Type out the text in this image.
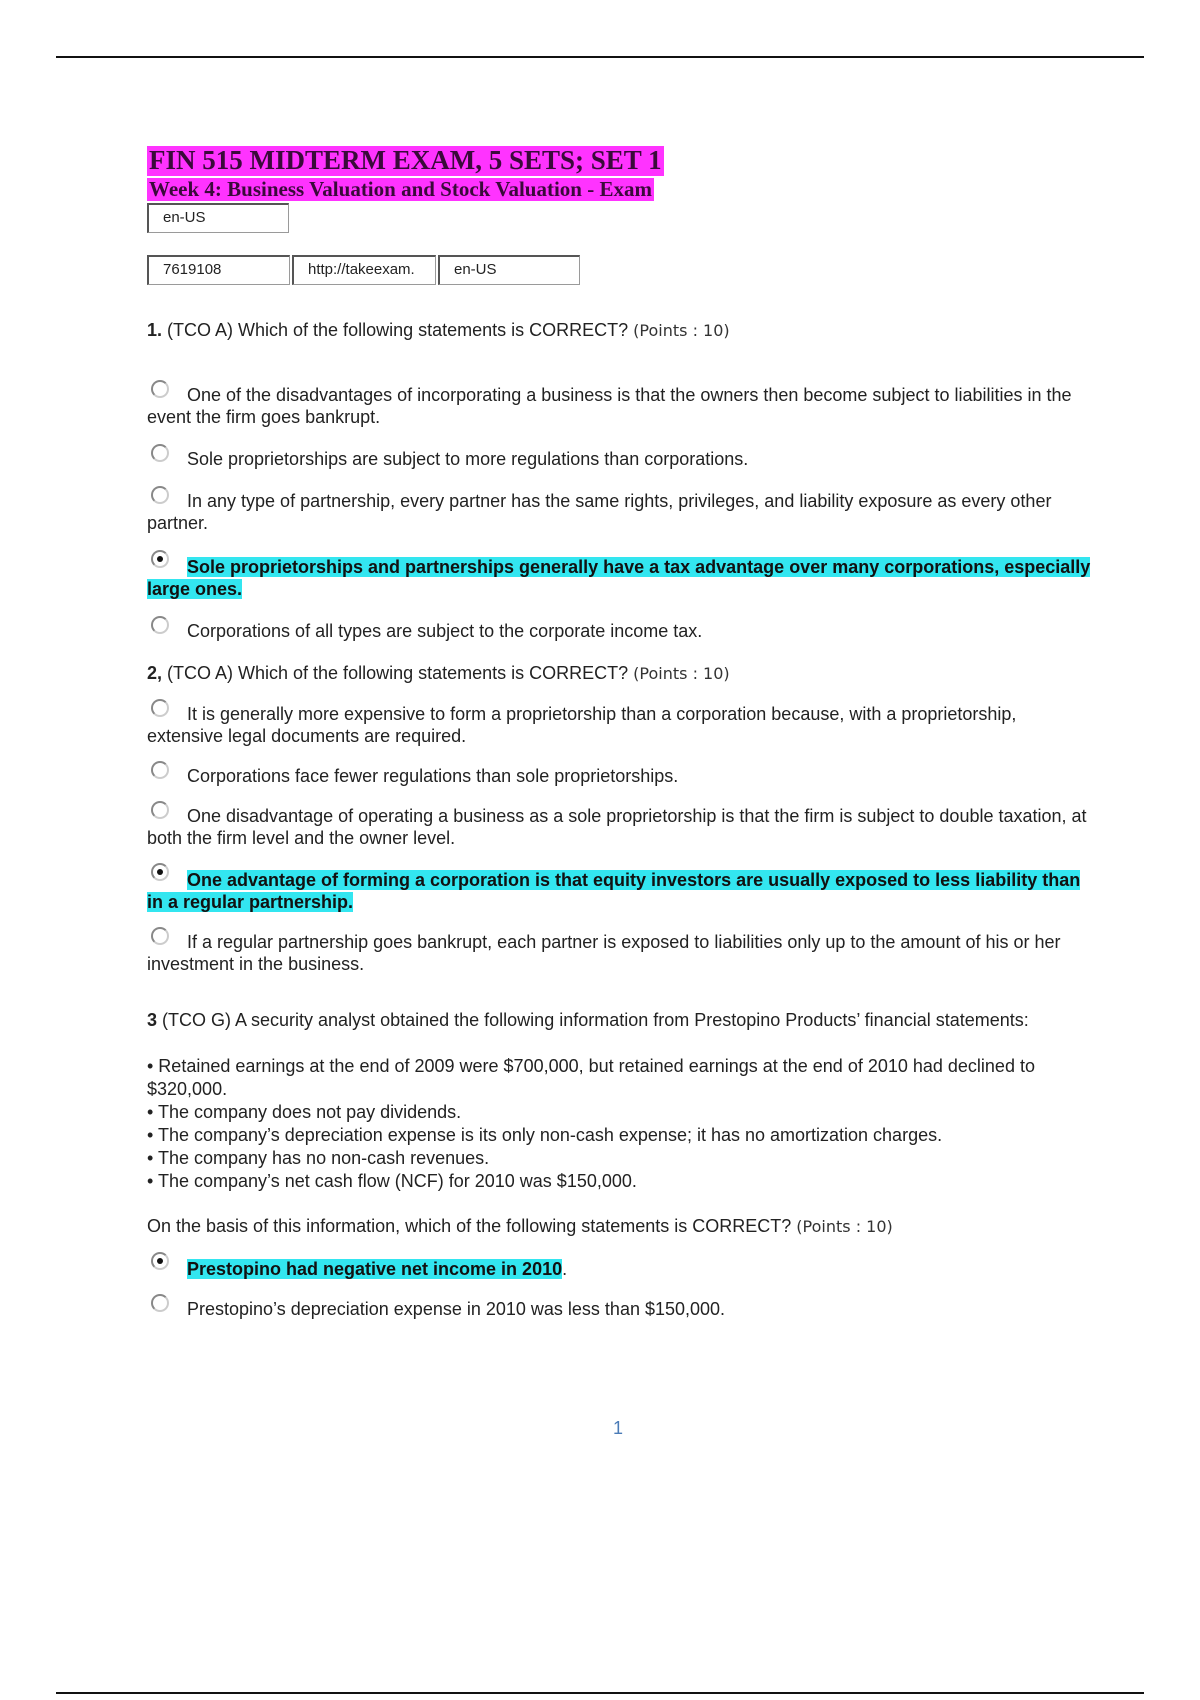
FIN 515 MIDTERM EXAM, 5 SETS; SET 1
Week 4: Business Valuation and Stock Valuation - Exam
en-US
7619108	http://takeexam.	en-US
1. (TCO A) Which of the following statements is CORRECT? (Points : 10)
One of the disadvantages of incorporating a business is that the owners then become subject to liabilities in the event the firm goes bankrupt.
Sole proprietorships are subject to more regulations than corporations.
In any type of partnership, every partner has the same rights, privileges, and liability exposure as every other partner.
Sole proprietorships and partnerships generally have a tax advantage over many corporations, especially large ones.
Corporations of all types are subject to the corporate income tax.
2, (TCO A) Which of the following statements is CORRECT? (Points : 10)
It is generally more expensive to form a proprietorship than a corporation because, with a proprietorship, extensive legal documents are required.
Corporations face fewer regulations than sole proprietorships.
One disadvantage of operating a business as a sole proprietorship is that the firm is subject to double taxation, at both the firm level and the owner level.
One advantage of forming a corporation is that equity investors are usually exposed to less liability than in a regular partnership.
If a regular partnership goes bankrupt, each partner is exposed to liabilities only up to the amount of his or her investment in the business.
3 (TCO G) A security analyst obtained the following information from Prestopino Products’ financial statements:
• Retained earnings at the end of 2009 were $700,000, but retained earnings at the end of 2010 had declined to $320,000.
• The company does not pay dividends.
• The company’s depreciation expense is its only non-cash expense; it has no amortization charges.
• The company has no non-cash revenues.
• The company’s net cash flow (NCF) for 2010 was $150,000.
On the basis of this information, which of the following statements is CORRECT? (Points : 10)
Prestopino had negative net income in 2010.
Prestopino’s depreciation expense in 2010 was less than $150,000.
1
